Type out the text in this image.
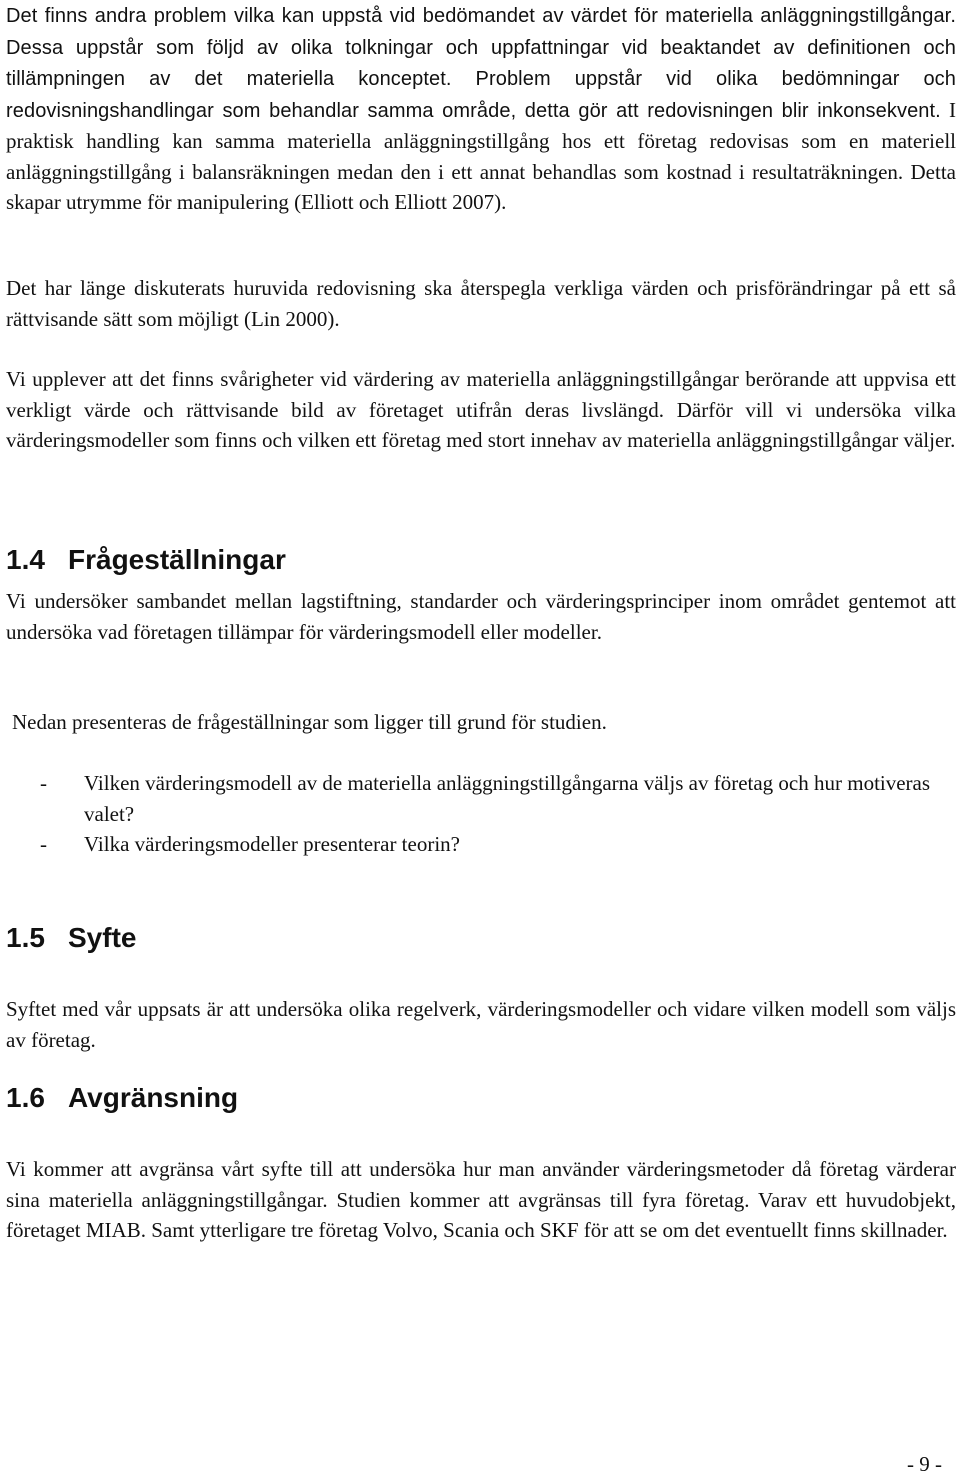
Det finns andra problem vilka kan uppstå vid bedömandet av värdet för materiella anläggningstillgångar. Dessa uppstår som följd av olika tolkningar och uppfattningar vid beaktandet av definitionen och tillämpningen av det materiella konceptet. Problem uppstår vid olika bedömningar och redovisningshandlingar som behandlar samma område, detta gör att redovisningen blir inkonsekvent. I praktisk handling kan samma materiella anläggningstillgång hos ett företag redovisas som en materiell anläggningstillgång i balansräkningen medan den i ett annat behandlas som kostnad i resultaträkningen. Detta skapar utrymme för manipulering (Elliott och Elliott 2007).

Det har länge diskuterats huruvida redovisning ska återspegla verkliga värden och prisförändringar på ett så rättvisande sätt som möjligt (Lin 2000).

Vi upplever att det finns svårigheter vid värdering av materiella anläggningstillgångar berörande att uppvisa ett verkligt värde och rättvisande bild av företaget utifrån deras livslängd. Därför vill vi undersöka vilka värderingsmodeller som finns och vilken ett företag med stort innehav av materiella anläggningstillgångar väljer.

1.4 Frågeställningar

Vi undersöker sambandet mellan lagstiftning, standarder och värderingsprinciper inom området gentemot att undersöka vad företagen tillämpar för värderingsmodell eller modeller.

Nedan presenteras de frågeställningar som ligger till grund för studien.

- Vilken värderingsmodell av de materiella anläggningstillgångarna väljs av företag och hur motiveras valet?
- Vilka värderingsmodeller presenterar teorin?
1.5 Syfte

Syftet med vår uppsats är att undersöka olika regelverk, värderingsmodeller och vidare vilken modell som väljs av företag.

1.6 Avgränsning

Vi kommer att avgränsa vårt syfte till att undersöka hur man använder värderingsmetoder då företag värderar sina materiella anläggningstillgångar. Studien kommer att avgränsas till fyra företag. Varav ett huvudobjekt, företaget MIAB. Samt ytterligare tre företag Volvo, Scania och SKF för att se om det eventuellt finns skillnader.

- 9 -
